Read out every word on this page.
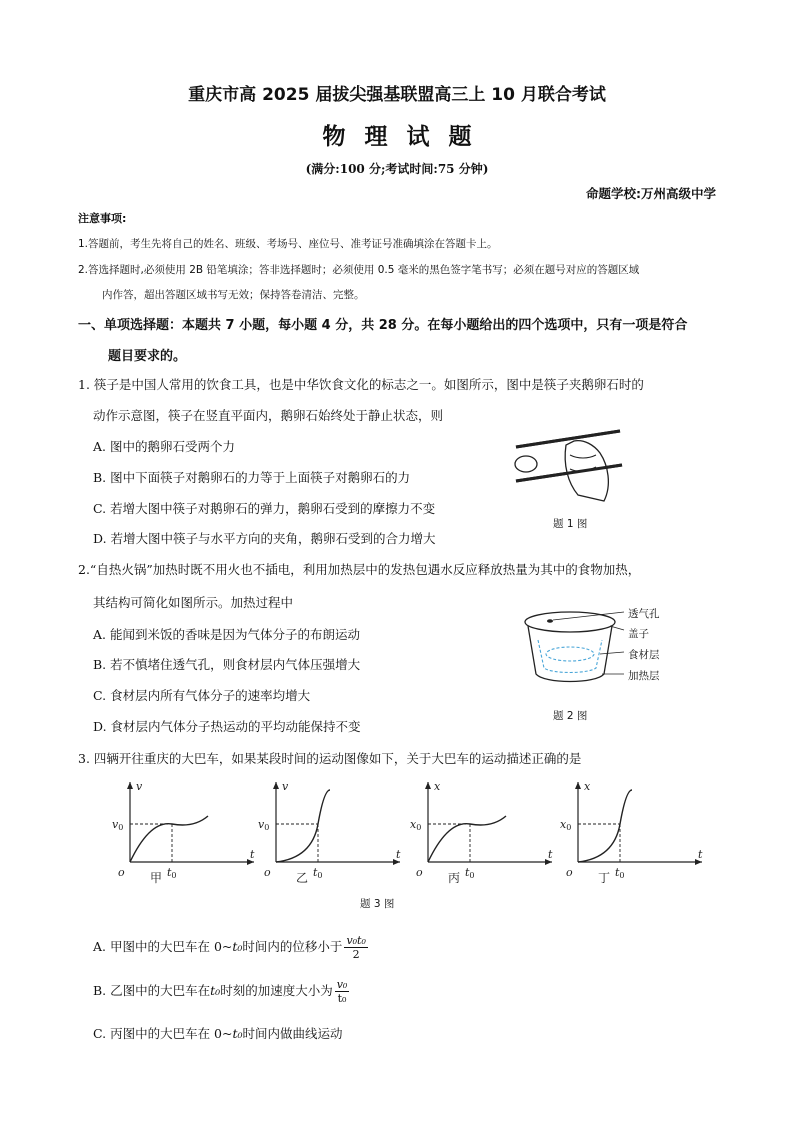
重庆市高 2025 届拔尖强基联盟高三上 10 月联合考试
物理试题
(满分:100 分;考试时间:75 分钟)
命题学校:万州高级中学
注意事项:
1.答题前，考生先将自己的姓名、班级、考场号、座位号、准考证号准确填涂在答题卡上。
2.答选择题时,必须使用 2B 铅笔填涂；答非选择题时；必须使用 0.5 毫米的黑色签字笔书写；必须在题号对应的答题区域
内作答，超出答题区域书写无效；保持答卷清洁、完整。
一、单项选择题：本题共 7 小题，每小题 4 分，共 28 分。在每小题给出的四个选项中，只有一项是符合
题目要求的。
1. 筷子是中国人常用的饮食工具，也是中华饮食文化的标志之一。如图所示，图中是筷子夹鹅卵石时的
动作示意图，筷子在竖直平面内，鹅卵石始终处于静止状态，则
A. 图中的鹅卵石受两个力
B. 图中下面筷子对鹅卵石的力等于上面筷子对鹅卵石的力
C. 若增大图中筷子对鹅卵石的弹力，鹅卵石受到的摩擦力不变
D. 若增大图中筷子与水平方向的夹角，鹅卵石受到的合力增大
题 1 图
2.“自热火锅”加热时既不用火也不插电，利用加热层中的发热包遇水反应释放热量为其中的食物加热，
其结构可简化如图所示。加热过程中
A. 能闻到米饭的香味是因为气体分子的布朗运动
B. 若不慎堵住透气孔，则食材层内气体压强增大
C. 食材层内所有气体分子的速率均增大
D. 食材层内气体分子热运动的平均动能保持不变
透气孔
盖子
食材层
加热层
题 2 图
3. 四辆开往重庆的大巴车，如果某段时间的运动图像如下，关于大巴车的运动描述正确的是
v
t
o
v0
t0
甲
v
t
o
v0
t0
乙
x
t
o
x0
t0
丙
x
t
o
x0
t0
丁
题 3 图
A. 甲图中的大巴车在 0~t₀时间内的位移小于 $\frac{\text{v₀t₀}}{2}$
B. 乙图中的大巴车在t₀时刻的加速度大小为 $\frac{\text{v₀}}{\text{t₀}}$
C. 丙图中的大巴车在 0~t₀时间内做曲线运动
